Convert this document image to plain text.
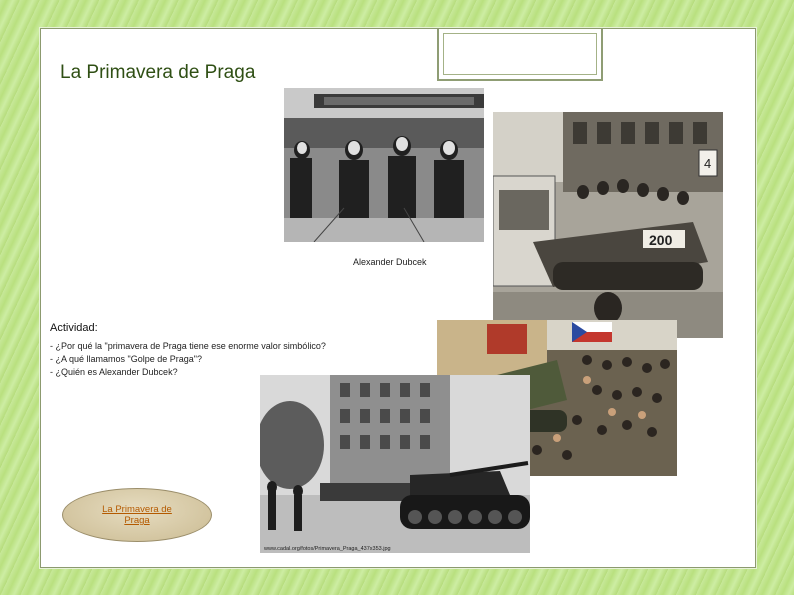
La Primavera de Praga
Alexander Dubcek
4
200
www.cadal.org/fotos/Primavera_Praga_437x353.jpg
Actividad:
- ¿Por qué la "primavera de Praga tiene ese enorme valor simbólico?
- ¿A qué llamamos "Golpe de Praga"?
- ¿Quién es Alexander Dubcek?
La Primavera de Praga
